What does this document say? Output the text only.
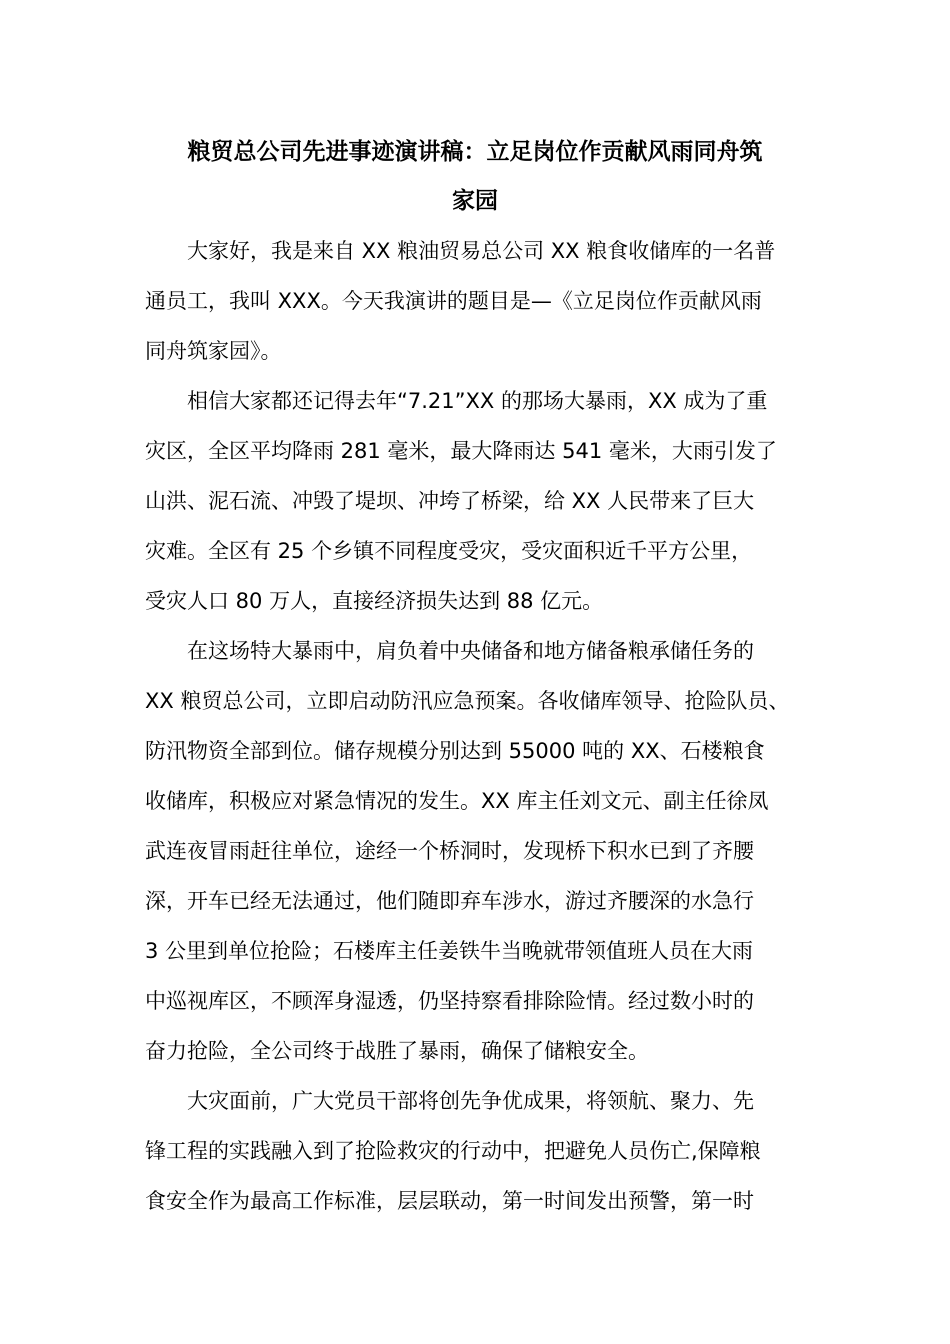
粮贸总公司先进事迹演讲稿：立足岗位作贡献风雨同舟筑
家园
大家好，我是来自 XX 粮油贸易总公司 XX 粮食收储库的一名普
通员工，我叫 XXX。今天我演讲的题目是—《立足岗位作贡献风雨
同舟筑家园》。
相信大家都还记得去年“7.21”XX 的那场大暴雨，XX 成为了重
灾区，全区平均降雨 281 毫米，最大降雨达 541 毫米，大雨引发了
山洪、泥石流、冲毁了堤坝、冲垮了桥梁，给 XX 人民带来了巨大
灾难。全区有 25 个乡镇不同程度受灾，受灾面积近千平方公里，
受灾人口 80 万人，直接经济损失达到 88 亿元。
在这场特大暴雨中，肩负着中央储备和地方储备粮承储任务的
XX 粮贸总公司，立即启动防汛应急预案。各收储库领导、抢险队员、
防汛物资全部到位。储存规模分别达到 55000 吨的 XX、石楼粮食
收储库，积极应对紧急情况的发生。XX 库主任刘文元、副主任徐凤
武连夜冒雨赶往单位，途经一个桥洞时，发现桥下积水已到了齐腰
深，开车已经无法通过，他们随即弃车涉水，游过齐腰深的水急行
3 公里到单位抢险；石楼库主任姜铁牛当晚就带领值班人员在大雨
中巡视库区，不顾浑身湿透，仍坚持察看排除险情。经过数小时的
奋力抢险，全公司终于战胜了暴雨，确保了储粮安全。
大灾面前，广大党员干部将创先争优成果，将领航、聚力、先
锋工程的实践融入到了抢险救灾的行动中，把避免人员伤亡,保障粮
食安全作为最高工作标准，层层联动，第一时间发出预警，第一时
